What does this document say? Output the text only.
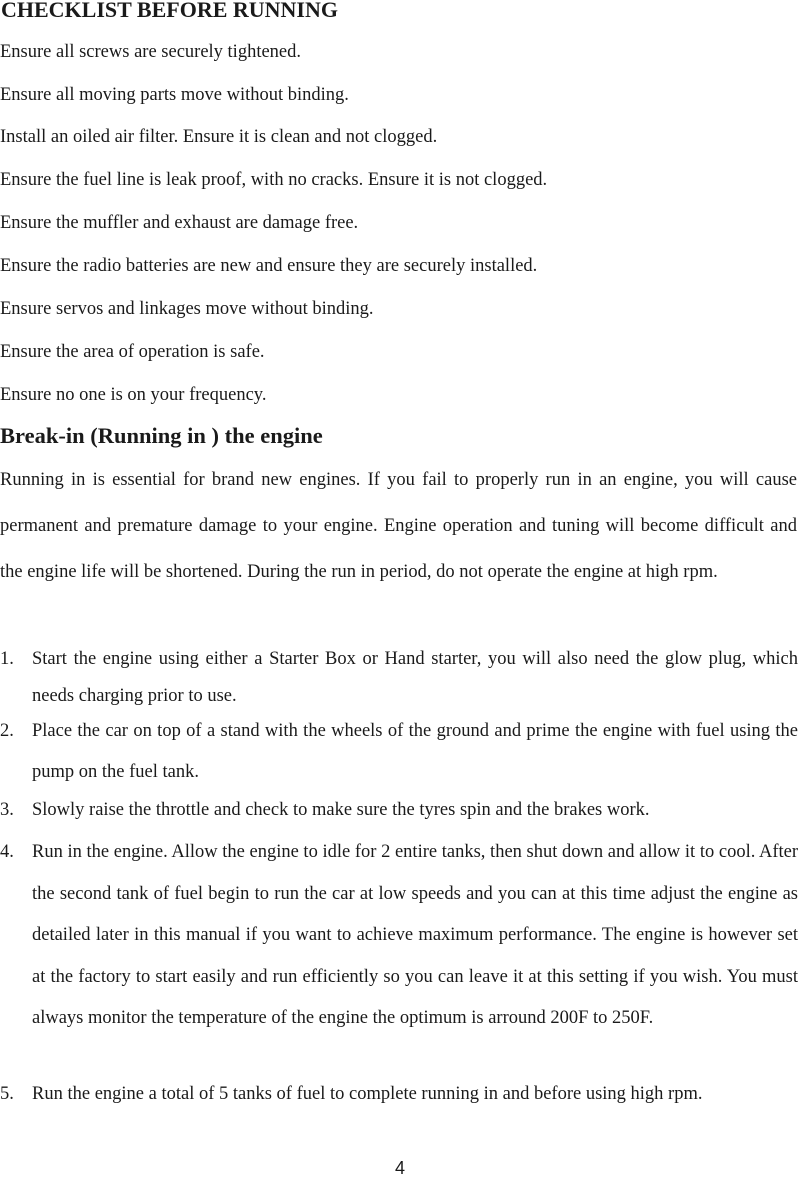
CHECKLIST BEFORE RUNNING
Ensure all screws are securely tightened.
Ensure all moving parts move without binding.
Install an oiled air filter. Ensure it is clean and not clogged.
Ensure the fuel line is leak proof, with no cracks. Ensure it is not clogged.
Ensure the muffler and exhaust are damage free.
Ensure the radio batteries are new and ensure they are securely installed.
Ensure servos and linkages move without binding.
Ensure the area of operation is safe.
Ensure no one is on your frequency.
Break-in (Running in ) the engine
Running in is essential for brand new engines. If you fail to properly run in an engine, you will cause permanent and premature damage to your engine. Engine operation and tuning will become difficult and the engine life will be shortened. During the run in period, do not operate the engine at high rpm.
1. Start the engine using either a Starter Box or Hand starter, you will also need the glow plug, which needs charging prior to use.
2. Place the car on top of a stand with the wheels of the ground and prime the engine with fuel using the pump on the fuel tank.
3. Slowly raise the throttle and check to make sure the tyres spin and the brakes work.
4. Run in the engine. Allow the engine to idle for 2 entire tanks, then shut down and allow it to cool. After the second tank of fuel begin to run the car at low speeds and you can at this time adjust the engine as detailed later in this manual if you want to achieve maximum performance. The engine is however set at the factory to start easily and run efficiently so you can leave it at this setting if you wish. You must always monitor the temperature of the engine the optimum is arround 200F to 250F.
5. Run the engine a total of 5 tanks of fuel to complete running in and before using high rpm.
4
